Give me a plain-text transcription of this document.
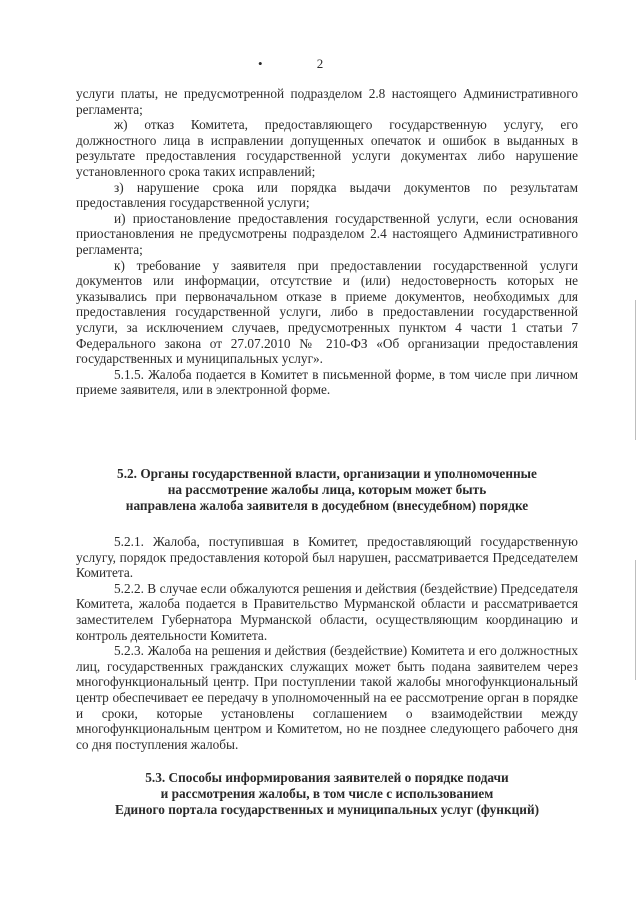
•	2

услуги платы, не предусмотренной подразделом 2.8 настоящего Административного регламента;

ж) отказ Комитета, предоставляющего государственную услугу, его должностного лица в исправлении допущенных опечаток и ошибок в выданных в результате предоставления государственной услуги документах либо нарушение установленного срока таких исправлений;

з) нарушение срока или порядка выдачи документов по результатам предоставления государственной услуги;

и) приостановление предоставления государственной услуги, если основания приостановления не предусмотрены подразделом 2.4 настоящего Административного регламента;

к) требование у заявителя при предоставлении государственной услуги документов или информации, отсутствие и (или) недостоверность которых не указывались при первоначальном отказе в приеме документов, необходимых для предоставления государственной услуги, либо в предоставлении государственной услуги, за исключением случаев, предусмотренных пунктом 4 части 1 статьи 7 Федерального закона от 27.07.2010 № 210-ФЗ «Об организации предоставления государственных и муниципальных услуг».

5.1.5. Жалоба подается в Комитет в письменной форме, в том числе при личном приеме заявителя, или в электронной форме.

5.2. Органы государственной власти, организации и уполномоченные
на рассмотрение жалобы лица, которым может быть
направлена жалоба заявителя в досудебном (внесудебном) порядке

5.2.1. Жалоба, поступившая в Комитет, предоставляющий государственную услугу, порядок предоставления которой был нарушен, рассматривается Председателем Комитета.

5.2.2. В случае если обжалуются решения и действия (бездействие) Председателя Комитета, жалоба подается в Правительство Мурманской области и рассматривается заместителем Губернатора Мурманской области, осуществляющим координацию и контроль деятельности Комитета.

5.2.3. Жалоба на решения и действия (бездействие) Комитета и его должностных лиц, государственных гражданских служащих может быть подана заявителем через многофункциональный центр. При поступлении такой жалобы многофункциональный центр обеспечивает ее передачу в уполномоченный на ее рассмотрение орган в порядке и сроки, которые установлены соглашением о взаимодействии между многофункциональным центром и Комитетом, но не позднее следующего рабочего дня со дня поступления жалобы.

5.3. Способы информирования заявителей о порядке подачи
и рассмотрения жалобы, в том числе с использованием
Единого портала государственных и муниципальных услуг (функций)
